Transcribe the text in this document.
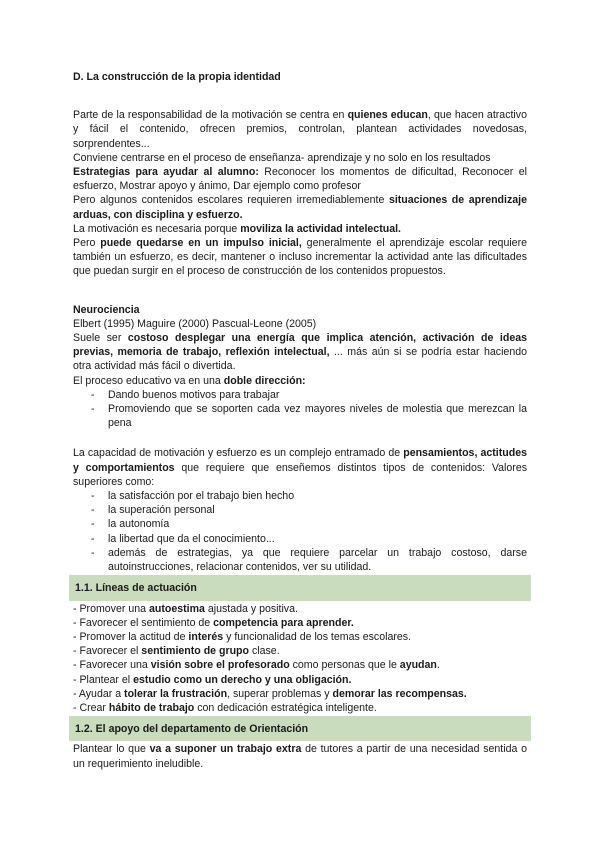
D. La construcción de la propia identidad

Parte de la responsabilidad de la motivación se centra en quienes educan, que hacen atractivo y fácil el contenido, ofrecen premios, controlan, plantean actividades novedosas, sorprendentes...

Conviene centrarse en el proceso de enseñanza- aprendizaje y no solo en los resultados

Estrategias para ayudar al alumno: Reconocer los momentos de dificultad, Reconocer el esfuerzo, Mostrar apoyo y ánimo, Dar ejemplo como profesor

Pero algunos contenidos escolares requieren irremediablemente situaciones de aprendizaje arduas, con disciplina y esfuerzo.

La motivación es necesaria porque moviliza la actividad intelectual.

Pero puede quedarse en un impulso inicial, generalmente el aprendizaje escolar requiere también un esfuerzo, es decir, mantener o incluso incrementar la actividad ante las dificultades que puedan surgir en el proceso de construcción de los contenidos propuestos.

Neurociencia

Elbert (1995) Maguire (2000) Pascual-Leone (2005)

Suele ser costoso desplegar una energía que implica atención, activación de ideas previas, memoria de trabajo, reflexión intelectual, ... más aún si se podría estar haciendo otra actividad más fácil o divertida.

El proceso educativo va en una doble dirección:

- Dando buenos motivos para trabajar
- Promoviendo que se soporten cada vez mayores niveles de molestia que merezcan la pena

La capacidad de motivación y esfuerzo es un complejo entramado de pensamientos, actitudes y comportamientos que requiere que enseñemos distintos tipos de contenidos: Valores superiores como:

- la satisfacción por el trabajo bien hecho
- la superación personal
- la autonomía
- la libertad que da el conocimiento...
- además de estrategias, ya que requiere parcelar un trabajo costoso, darse autoinstrucciones, relacionar contenidos, ver su utilidad.
1.1. Líneas de actuación

- Promover una autoestima ajustada y positiva.

- Favorecer el sentimiento de competencia para aprender.

- Promover la actitud de interés y funcionalidad de los temas escolares.

- Favorecer el sentimiento de grupo clase.

- Favorecer una visión sobre el profesorado como personas que le ayudan.

- Plantear el estudio como un derecho y una obligación.

- Ayudar a tolerar la frustración, superar problemas y demorar las recompensas.

- Crear hábito de trabajo con dedicación estratégica inteligente.

1.2. El apoyo del departamento de Orientación

Plantear lo que va a suponer un trabajo extra de tutores a partir de una necesidad sentida o un requerimiento ineludible.
